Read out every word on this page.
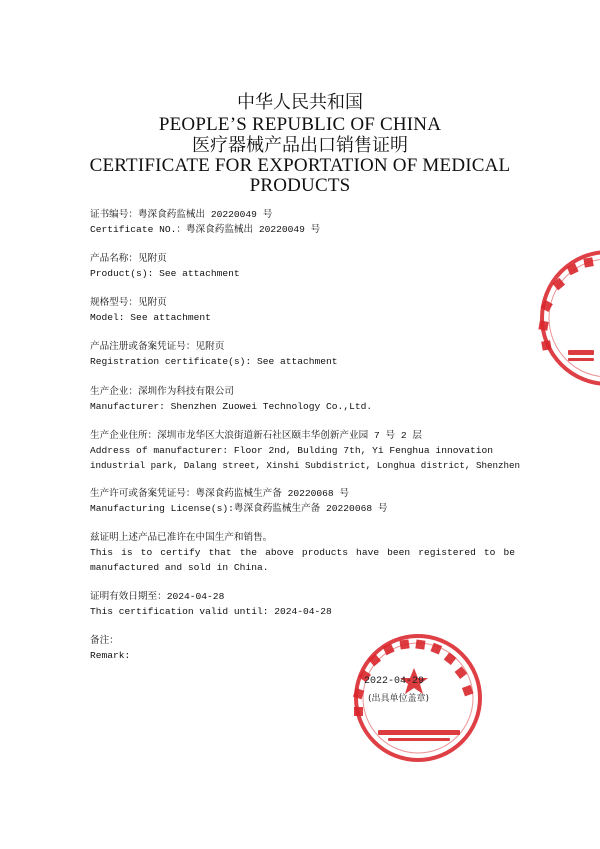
中华人民共和国
PEOPLE’S REPUBLIC OF CHINA
医疗器械产品出口销售证明
CERTIFICATE FOR EXPORTATION OF MEDICAL
PRODUCTS
证书编号：粤深食药监械出 20220049 号
Certificate NO.：粤深食药监械出 20220049 号
产品名称：见附页
Product(s): See attachment
规格型号：见附页
Model: See attachment
产品注册或备案凭证号：见附页
Registration certificate(s): See attachment
生产企业：深圳作为科技有限公司
Manufacturer: Shenzhen Zuowei Technology Co.,Ltd.
生产企业住所：深圳市龙华区大浪街道新石社区颐丰华创新产业园 7 号 2 层
Address of manufacturer: Floor 2nd, Bulding 7th, Yi Fenghua innovation
industrial park, Dalang street, Xinshi Subdistrict, Longhua district, Shenzhen
生产许可或备案凭证号：粤深食药监械生产备 20220068 号
Manufacturing License(s):粤深食药监械生产备 20220068 号
兹证明上述产品已准许在中国生产和销售。
This is to certify that the above products have been registered to be
manufactured and sold in China.
证明有效日期至：2024-04-28
This certification valid until: 2024-04-28
备注：
Remark:
2022-04-29
(出具单位盖章)
